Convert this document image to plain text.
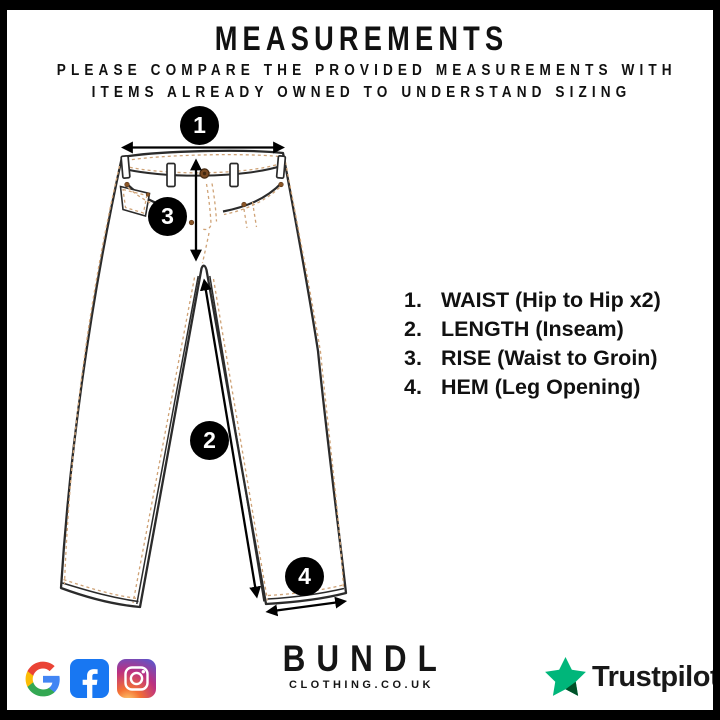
1
2
3
4
MEASUREMENTS
PLEASE COMPARE THE PROVIDED MEASUREMENTS WITH
ITEMS ALREADY OWNED TO UNDERSTAND SIZING
1. WAIST (Hip to Hip x2)
2. LENGTH (Inseam)
3. RISE (Waist to Groin)
4. HEM (Leg Opening)
BUNDL
CLOTHING.CO.UK	Trustpilot
